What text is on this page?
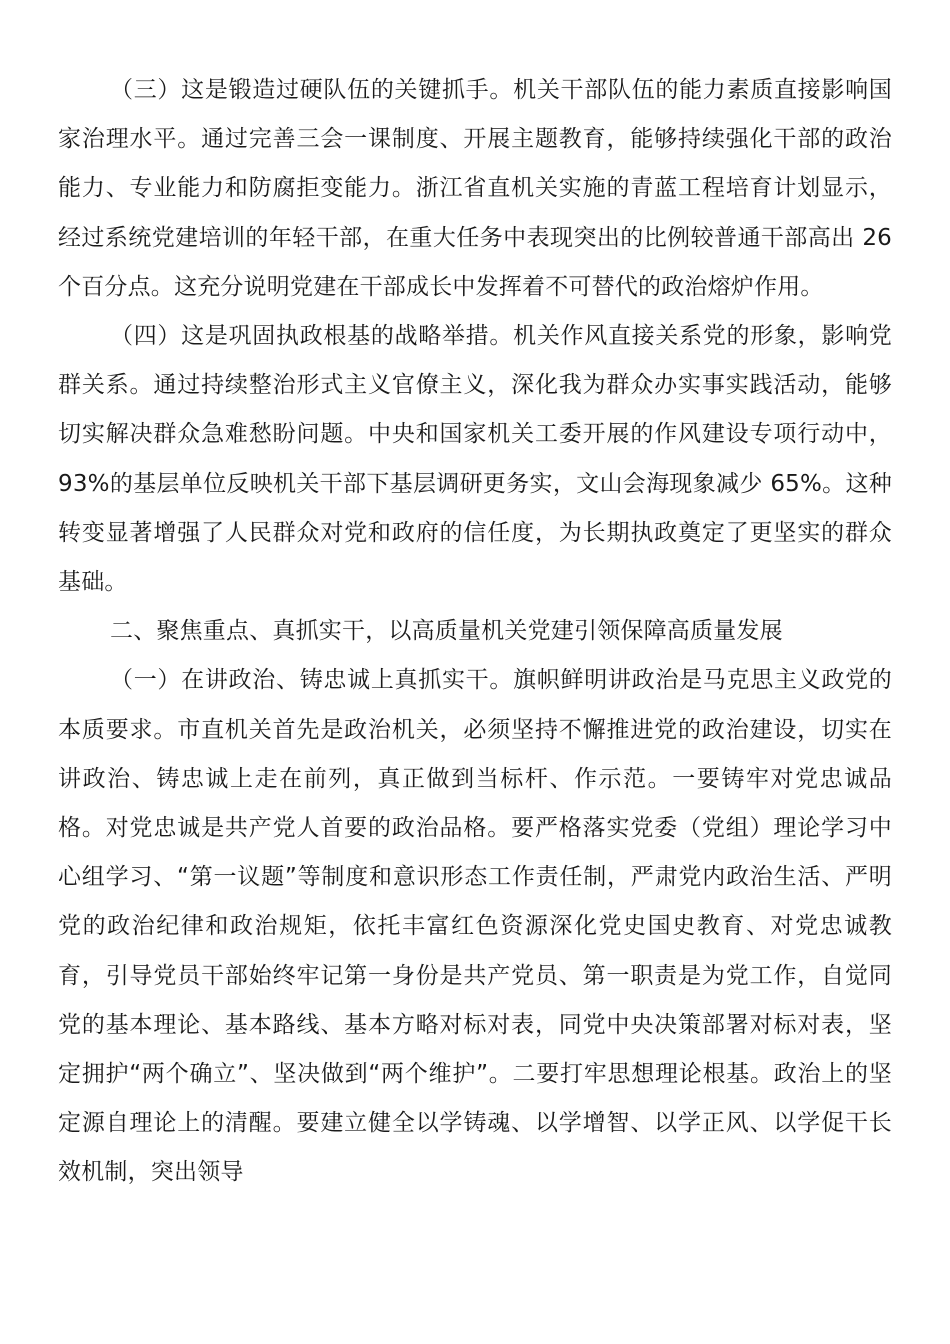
（三）这是锻造过硬队伍的关键抓手。机关干部队伍的能力素质直接影响国家治理水平。通过完善三会一课制度、开展主题教育，能够持续强化干部的政治能力、专业能力和防腐拒变能力。浙江省直机关实施的青蓝工程培育计划显示，经过系统党建培训的年轻干部，在重大任务中表现突出的比例较普通干部高出 26 个百分点。这充分说明党建在干部成长中发挥着不可替代的政治熔炉作用。

（四）这是巩固执政根基的战略举措。机关作风直接关系党的形象，影响党群关系。通过持续整治形式主义官僚主义，深化我为群众办实事实践活动，能够切实解决群众急难愁盼问题。中央和国家机关工委开展的作风建设专项行动中，93%的基层单位反映机关干部下基层调研更务实，文山会海现象减少 65%。这种转变显著增强了人民群众对党和政府的信任度，为长期执政奠定了更坚实的群众基础。

二、聚焦重点、真抓实干，以高质量机关党建引领保障高质量发展

（一）在讲政治、铸忠诚上真抓实干。旗帜鲜明讲政治是马克思主义政党的本质要求。市直机关首先是政治机关，必须坚持不懈推进党的政治建设，切实在讲政治、铸忠诚上走在前列，真正做到当标杆、作示范。一要铸牢对党忠诚品格。对党忠诚是共产党人首要的政治品格。要严格落实党委（党组）理论学习中心组学习、“第一议题”等制度和意识形态工作责任制，严肃党内政治生活、严明党的政治纪律和政治规矩，依托丰富红色资源深化党史国史教育、对党忠诚教育，引导党员干部始终牢记第一身份是共产党员、第一职责是为党工作，自觉同党的基本理论、基本路线、基本方略对标对表，同党中央决策部署对标对表，坚定拥护“两个确立”、坚决做到“两个维护”。二要打牢思想理论根基。政治上的坚定源自理论上的清醒。要建立健全以学铸魂、以学增智、以学正风、以学促干长效机制，突出领导
